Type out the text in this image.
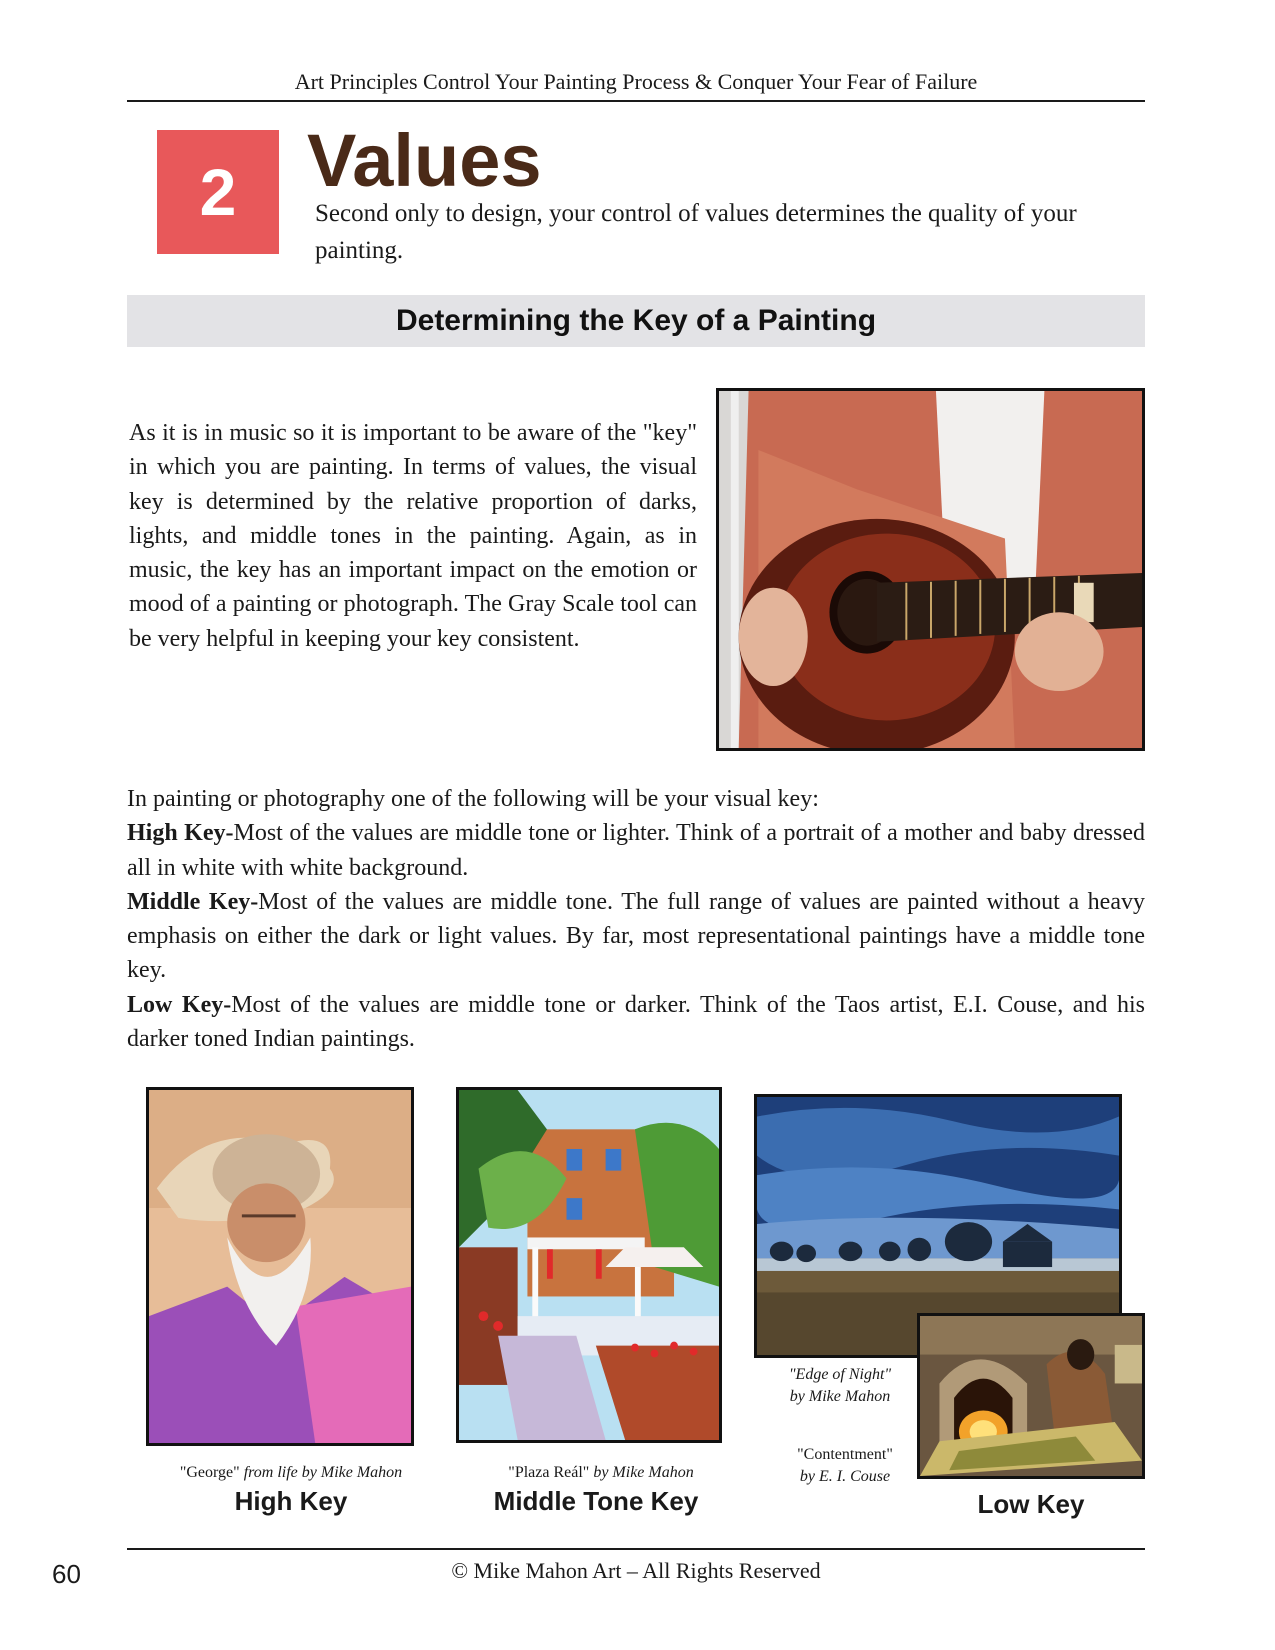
Art Principles Control Your Painting Process & Conquer Your Fear of Failure
2 Values
Second only to design, your control of values determines the quality of your painting.
Determining the Key of a Painting
As it is in music so it is important to be aware of the "key" in which you are painting. In terms of values, the visual key is determined by the relative proportion of darks, lights, and middle tones in the painting. Again, as in music, the key has an important impact on the emotion or mood of a painting or photograph. The Gray Scale tool can be very helpful in keeping your key consistent.

In painting or photography one of the following will be your visual key:

High Key-Most of the values are middle tone or lighter. Think of a portrait of a mother and baby dressed all in white with white background.

Middle Key-Most of the values are middle tone. The full range of values are painted without a heavy emphasis on either the dark or light values. By far, most representational paintings have a middle tone key.

Low Key-Most of the values are middle tone or darker. Think of the Taos artist, E.I. Couse, and his darker toned Indian paintings.

"George" from life by Mike Mahon
High Key
"Plaza Reál" by Mike Mahon
Middle Tone Key
"Edge of Night"
by Mike Mahon
"Contentment"
by E. I. Couse
Low Key
© Mike Mahon Art – All Rights Reserved
60
